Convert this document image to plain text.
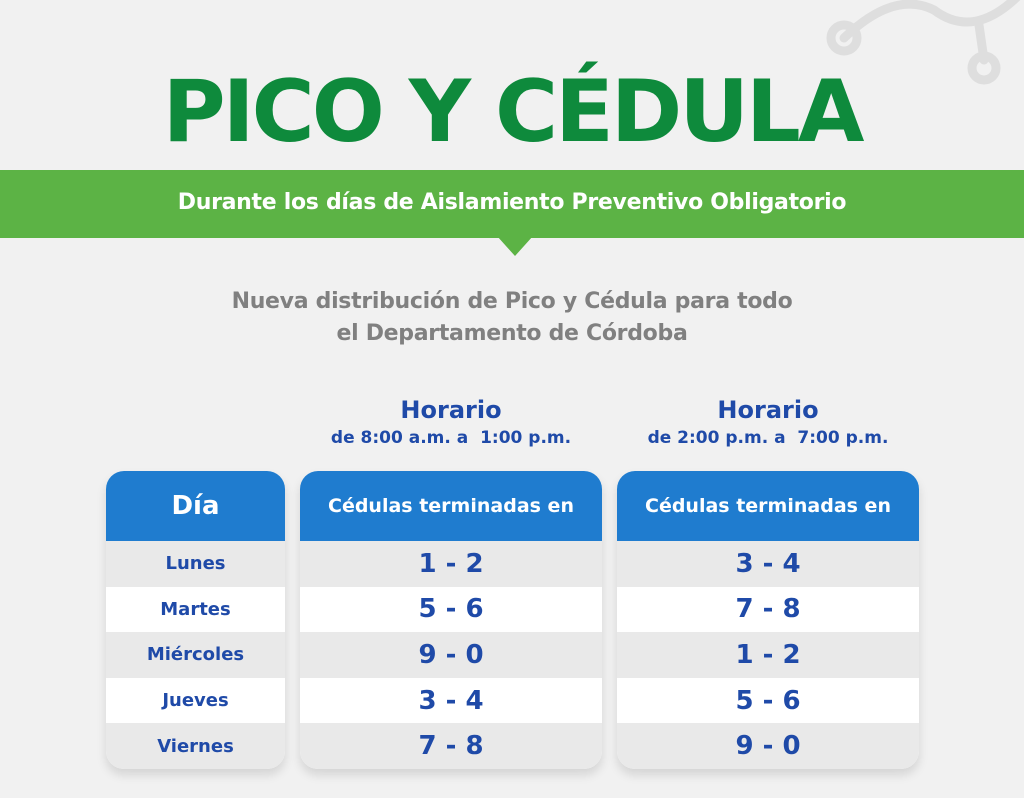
PICO Y CÉDULA
Durante los días de Aislamiento Preventivo Obligatorio
Nueva distribución de Pico y Cédula para todo
el Departamento de Córdoba
Horario
de 8:00 a.m. a  1:00 p.m.
Horario
de 2:00 p.m. a  7:00 p.m.
Día
Lunes
Martes
Miércoles
Jueves
Viernes
Cédulas terminadas en
1 - 2
5 - 6
9 - 0
3 - 4
7 - 8
Cédulas terminadas en
3 - 4
7 - 8
1 - 2
5 - 6
9 - 0
